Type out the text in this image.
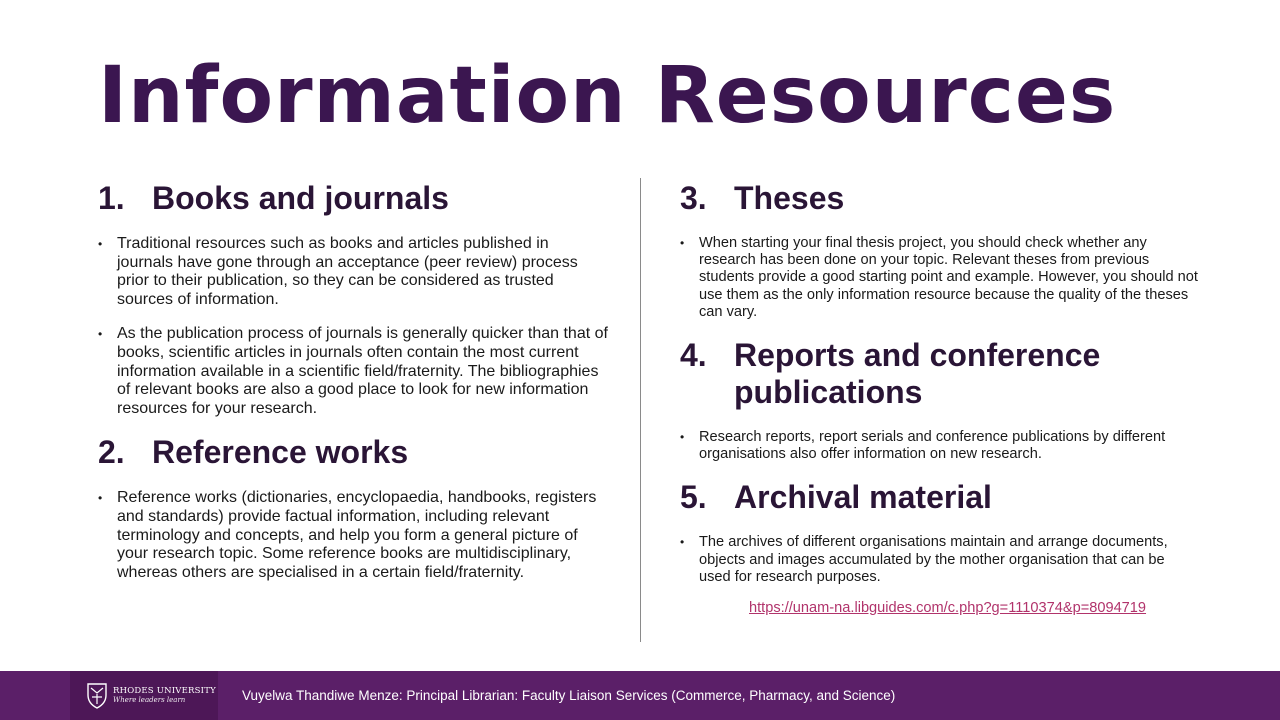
Information Resources
1. Books and journals
• Traditional resources such as books and articles published in journals have gone through an acceptance (peer review) process prior to their publication, so they can be considered as trusted sources of information.
• As the publication process of journals is generally quicker than that of books, scientific articles in journals often contain the most current information available in a scientific field/fraternity. The bibliographies of relevant books are also a good place to look for new information resources for your research.
2. Reference works
• Reference works (dictionaries, encyclopaedia, handbooks, registers and standards) provide factual information, including relevant terminology and concepts, and help you form a general picture of your research topic. Some reference books are multidisciplinary, whereas others are specialised in a certain field/fraternity.
3. Theses
• When starting your final thesis project, you should check whether any research has been done on your topic. Relevant theses from previous students provide a good starting point and example. However, you should not use them as the only information resource because the quality of the theses can vary.
4. Reports and conference publications
• Research reports, report serials and conference publications by different organisations also offer information on new research.
5. Archival material
• The archives of different organisations maintain and arrange documents, objects and images accumulated by the mother organisation that can be used for research purposes.
https://unam-na.libguides.com/c.php?g=1110374&p=8094719
RHODES UNIVERSITY
Where leaders learn	Vuyelwa Thandiwe Menze: Principal Librarian: Faculty Liaison Services (Commerce, Pharmacy, and Science)
